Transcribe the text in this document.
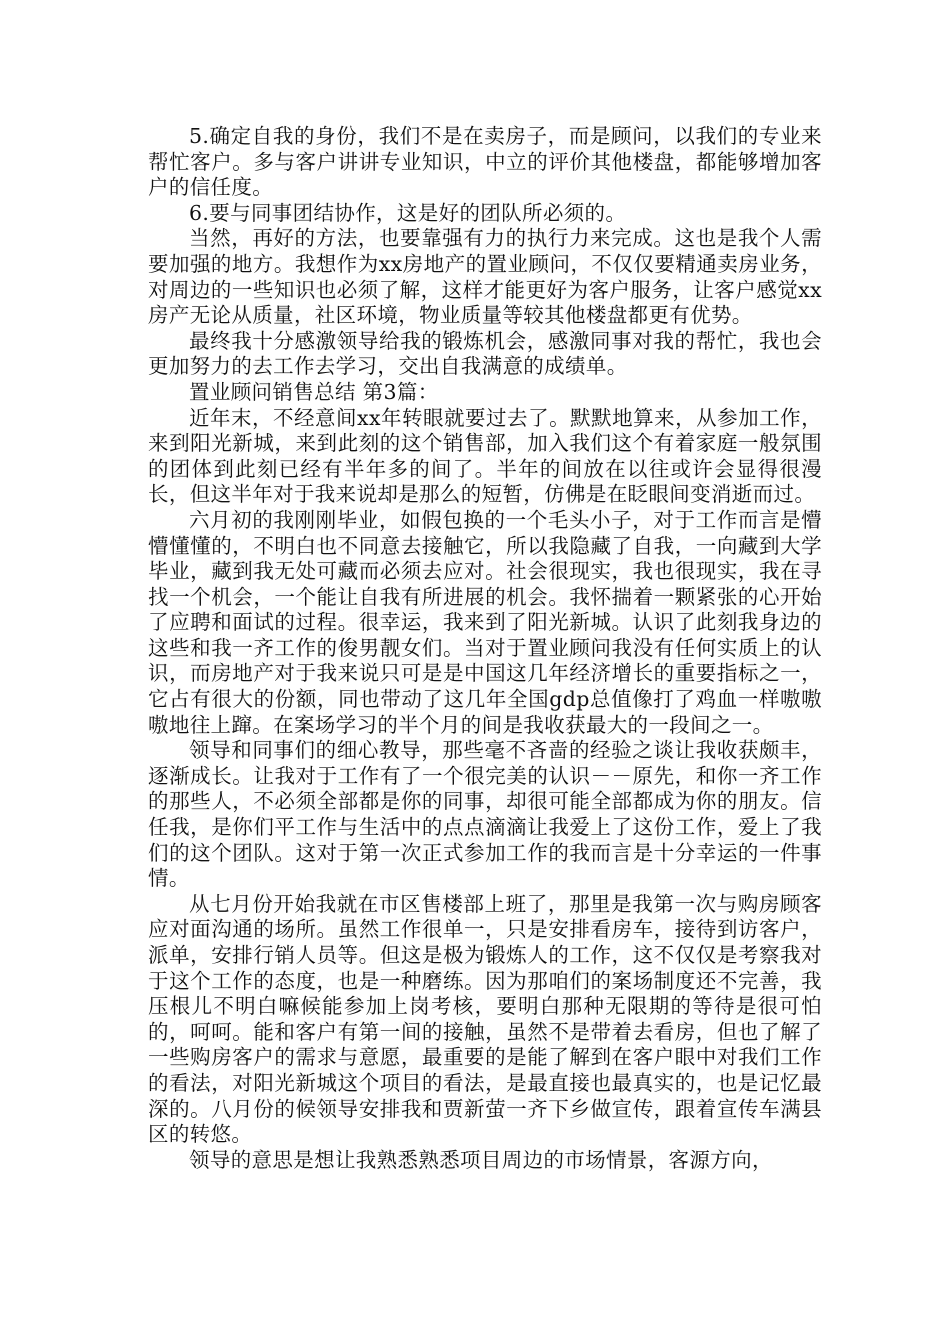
5.确定自我的身份，我们不是在卖房子，而是顾问，以我们的专业来帮忙客户。多与客户讲讲专业知识，中立的评价其他楼盘，都能够增加客户的信任度。

6.要与同事团结协作，这是好的团队所必须的。

当然，再好的方法，也要靠强有力的执行力来完成。这也是我个人需要加强的地方。我想作为xx房地产的置业顾问，不仅仅要精通卖房业务，对周边的一些知识也必须了解，这样才能更好为客户服务，让客户感觉xx房产无论从质量，社区环境，物业质量等较其他楼盘都更有优势。

最终我十分感激领导给我的锻炼机会，感激同事对我的帮忙，我也会更加努力的去工作去学习，交出自我满意的成绩单。

置业顾问销售总结 第3篇：

近年末，不经意间xx年转眼就要过去了。默默地算来，从参加工作，来到阳光新城，来到此刻的这个销售部，加入我们这个有着家庭一般氛围的团体到此刻已经有半年多的间了。半年的间放在以往或许会显得很漫长，但这半年对于我来说却是那么的短暂，仿佛是在眨眼间变消逝而过。

六月初的我刚刚毕业，如假包换的一个毛头小子，对于工作而言是懵懵懂懂的，不明白也不同意去接触它，所以我隐藏了自我，一向藏到大学毕业，藏到我无处可藏而必须去应对。社会很现实，我也很现实，我在寻找一个机会，一个能让自我有所进展的机会。我怀揣着一颗紧张的心开始了应聘和面试的过程。很幸运，我来到了阳光新城。认识了此刻我身边的这些和我一齐工作的俊男靓女们。当对于置业顾问我没有任何实质上的认识，而房地产对于我来说只可是是中国这几年经济增长的重要指标之一，它占有很大的份额，同也带动了这几年全国gdp总值像打了鸡血一样嗷嗷嗷地往上蹿。在案场学习的半个月的间是我收获最大的一段间之一。

领导和同事们的细心教导，那些毫不吝啬的经验之谈让我收获颇丰，逐渐成长。让我对于工作有了一个很完美的认识－－原先，和你一齐工作的那些人，不必须全部都是你的同事，却很可能全部都成为你的朋友。信任我，是你们平工作与生活中的点点滴滴让我爱上了这份工作，爱上了我们的这个团队。这对于第一次正式参加工作的我而言是十分幸运的一件事情。

从七月份开始我就在市区售楼部上班了，那里是我第一次与购房顾客应对面沟通的场所。虽然工作很单一，只是安排看房车，接待到访客户，派单，安排行销人员等。但这是极为锻炼人的工作，这不仅仅是考察我对于这个工作的态度，也是一种磨练。因为那咱们的案场制度还不完善，我压根儿不明白嘛候能参加上岗考核，要明白那种无限期的等待是很可怕的，呵呵。能和客户有第一间的接触，虽然不是带着去看房，但也了解了一些购房客户的需求与意愿，最重要的是能了解到在客户眼中对我们工作的看法，对阳光新城这个项目的看法，是最直接也最真实的，也是记忆最深的。八月份的候领导安排我和贾新萤一齐下乡做宣传，跟着宣传车满县区的转悠。

领导的意思是想让我熟悉熟悉项目周边的市场情景，客源方向，
